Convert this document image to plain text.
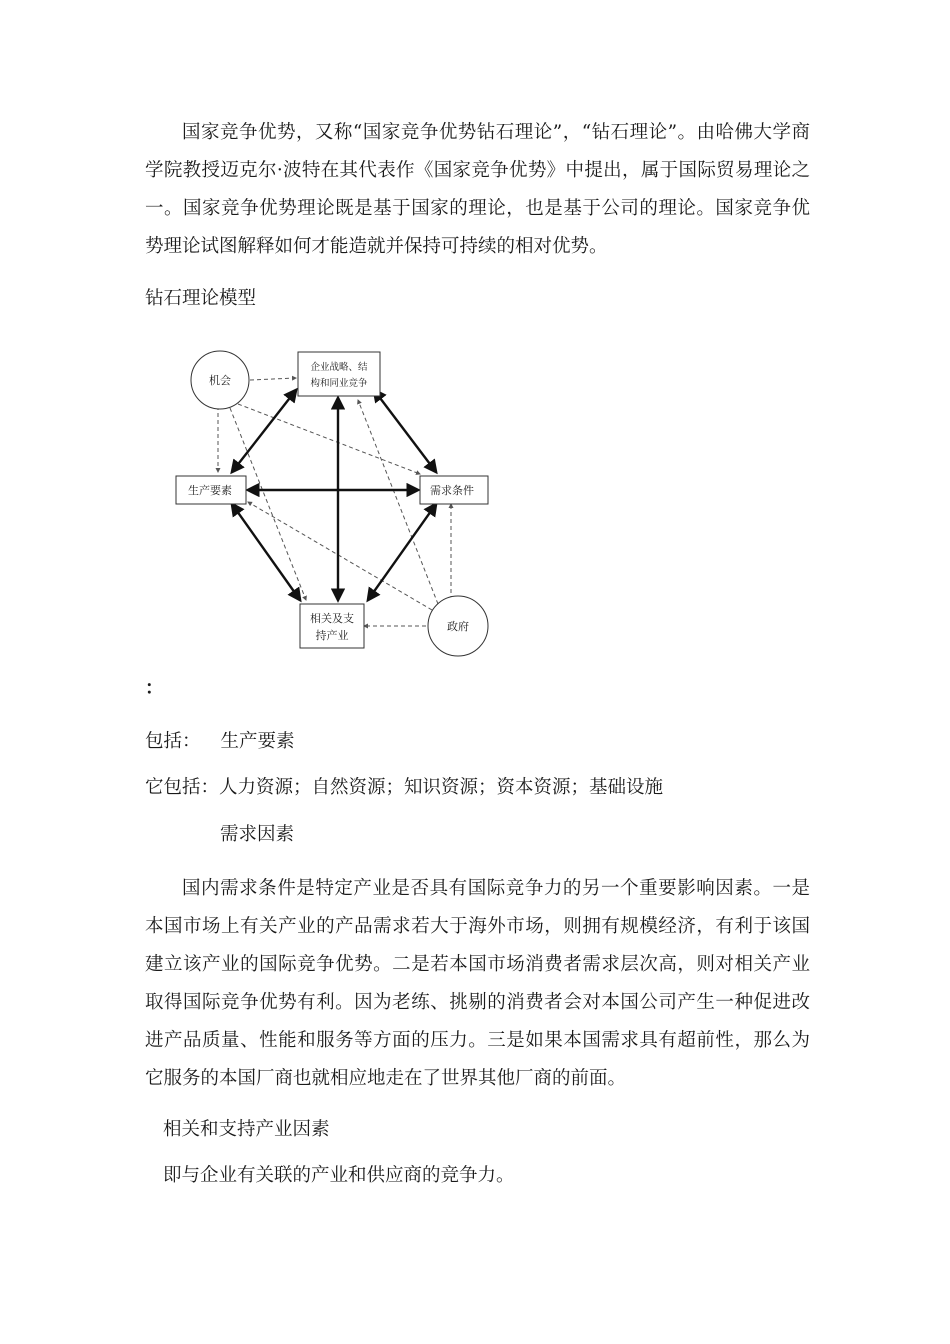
国家竞争优势，又称“国家竞争优势钻石理论”，“钻石理论”。由哈佛大学商学院教授迈克尔·波特在其代表作《国家竞争优势》中提出，属于国际贸易理论之一。国家竞争优势理论既是基于国家的理论，也是基于公司的理论。国家竞争优势理论试图解释如何才能造就并保持可持续的相对优势。

钻石理论模型

机会
企业战略、结
构和同业竞争
生产要素	需求条件
相关及支
持产业
政府

：

包括： 生产要素

它包括：人力资源；自然资源；知识资源；资本资源；基础设施

需求因素

国内需求条件是特定产业是否具有国际竞争力的另一个重要影响因素。一是本国市场上有关产业的产品需求若大于海外市场，则拥有规模经济，有利于该国建立该产业的国际竞争优势。二是若本国市场消费者需求层次高，则对相关产业取得国际竞争优势有利。因为老练、挑剔的消费者会对本国公司产生一种促进改进产品质量、性能和服务等方面的压力。三是如果本国需求具有超前性，那么为它服务的本国厂商也就相应地走在了世界其他厂商的前面。

相关和支持产业因素

即与企业有关联的产业和供应商的竞争力。
